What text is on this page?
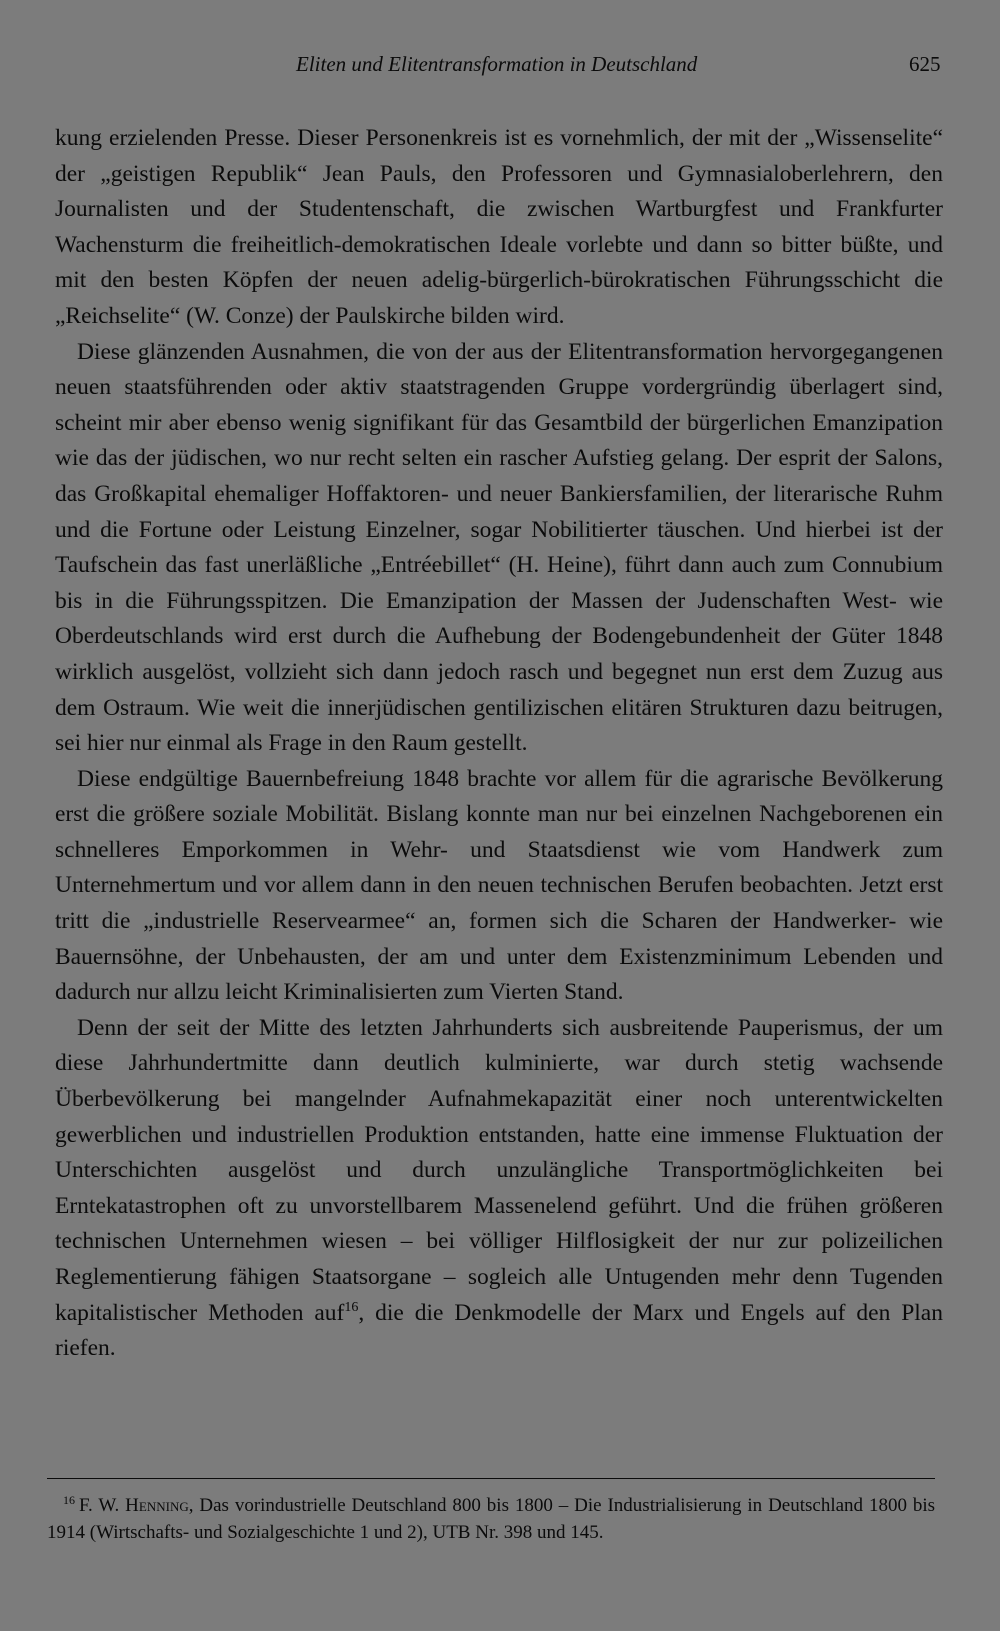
Eliten und Elitentransformation in Deutschland	625

kung erzielenden Presse. Dieser Personenkreis ist es vornehmlich, der mit der „Wissenselite“ der „geistigen Republik“ Jean Pauls, den Professoren und Gymnasialoberlehrern, den Journalisten und der Studentenschaft, die zwischen Wartburgfest und Frankfurter Wachensturm die freiheitlich-demokratischen Ideale vorlebte und dann so bitter büßte, und mit den besten Köpfen der neuen adelig-bürgerlich-bürokratischen Führungsschicht die „Reichselite“ (W. Conze) der Paulskirche bilden wird.

Diese glänzenden Ausnahmen, die von der aus der Elitentransformation hervorgegangenen neuen staatsführenden oder aktiv staatstragenden Gruppe vordergründig überlagert sind, scheint mir aber ebenso wenig signifikant für das Gesamtbild der bürgerlichen Emanzipation wie das der jüdischen, wo nur recht selten ein rascher Aufstieg gelang. Der esprit der Salons, das Großkapital ehemaliger Hoffaktoren- und neuer Bankiersfamilien, der literarische Ruhm und die Fortune oder Leistung Einzelner, sogar Nobilitierter täuschen. Und hierbei ist der Taufschein das fast unerläßliche „Entréebillet“ (H. Heine), führt dann auch zum Connubium bis in die Führungsspitzen. Die Emanzipation der Massen der Judenschaften West- wie Oberdeutschlands wird erst durch die Aufhebung der Bodengebundenheit der Güter 1848 wirklich ausgelöst, vollzieht sich dann jedoch rasch und begegnet nun erst dem Zuzug aus dem Ostraum. Wie weit die innerjüdischen gentilizischen elitären Strukturen dazu beitrugen, sei hier nur einmal als Frage in den Raum gestellt.

Diese endgültige Bauernbefreiung 1848 brachte vor allem für die agrarische Bevölkerung erst die größere soziale Mobilität. Bislang konnte man nur bei einzelnen Nachgeborenen ein schnelleres Emporkommen in Wehr- und Staatsdienst wie vom Handwerk zum Unternehmertum und vor allem dann in den neuen technischen Berufen beobachten. Jetzt erst tritt die „industrielle Reservearmee“ an, formen sich die Scharen der Handwerker- wie Bauernsöhne, der Unbehausten, der am und unter dem Existenzminimum Lebenden und dadurch nur allzu leicht Kriminalisierten zum Vierten Stand.

Denn der seit der Mitte des letzten Jahrhunderts sich ausbreitende Pauperismus, der um diese Jahrhundertmitte dann deutlich kulminierte, war durch stetig wachsende Überbevölkerung bei mangelnder Aufnahmekapazität einer noch unterentwickelten gewerblichen und industriellen Produktion entstanden, hatte eine immense Fluktuation der Unterschichten ausgelöst und durch unzulängliche Transportmöglichkeiten bei Erntekatastrophen oft zu unvorstellbarem Massenelend geführt. Und die frühen größeren technischen Unternehmen wiesen – bei völliger Hilflosigkeit der nur zur polizeilichen Reglementierung fähigen Staatsorgane – sogleich alle Untugenden mehr denn Tugenden kapitalistischer Methoden auf$^{16}$, die die Denkmodelle der Marx und Engels auf den Plan riefen.

$^{16}$ F. W. Henning, Das vorindustrielle Deutschland 800 bis 1800 – Die Industrialisierung in Deutschland 1800 bis 1914 (Wirtschafts- und Sozialgeschichte 1 und 2), UTB Nr. 398 und 145.
